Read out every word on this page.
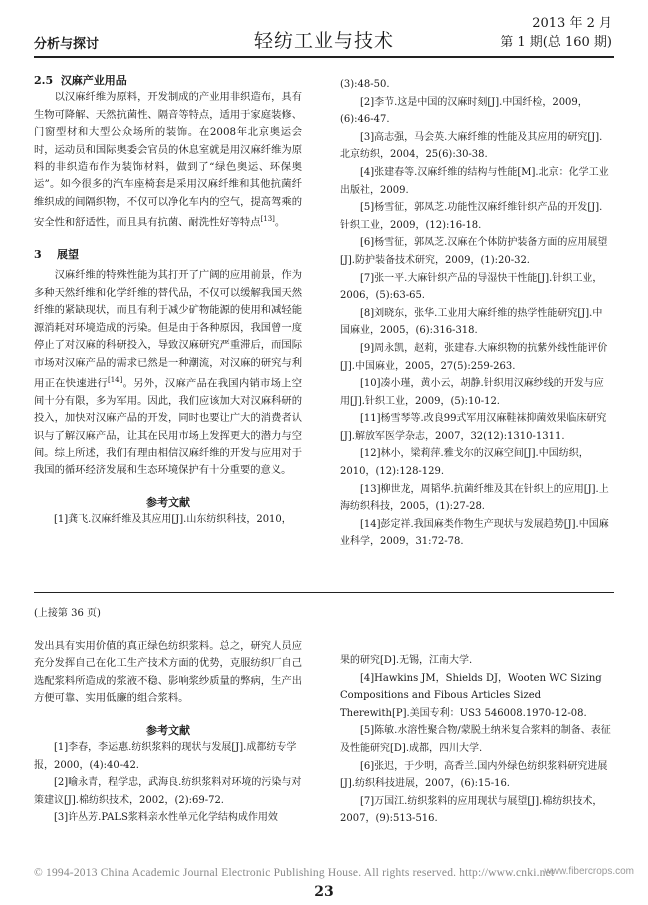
分析与探讨	轻纺工业与技术
2013 年 2 月
第 1 期(总 160 期)

2.5 汉麻产业用品

以汉麻纤维为原料，开发制成的产业用非织造布，具有生物可降解、天然抗菌性、隔音等特点，适用于家庭装修、门窗型材和大型公众场所的装饰。在2008年北京奥运会时，运动员和国际奥委会官员的休息室就是用汉麻纤维为原料的非织造布作为装饰材料，做到了“绿色奥运、环保奥运”。如今很多的汽车座椅套是采用汉麻纤维和其他抗菌纤维织成的间隔织物，不仅可以净化车内的空气，提高驾乘的安全性和舒适性，而且具有抗菌、耐洗性好等特点[13]。

3 展望

汉麻纤维的特殊性能为其打开了广阔的应用前景，作为多种天然纤维和化学纤维的替代品，不仅可以缓解我国天然纤维的紧缺现状，而且有利于减少矿物能源的使用和减轻能源消耗对环境造成的污染。但是由于各种原因，我国曾一度停止了对汉麻的科研投入，导致汉麻研究严重滞后，而国际市场对汉麻产品的需求已然是一种潮流，对汉麻的研究与利用正在快速进行[14]。另外，汉麻产品在我国内销市场上空间十分有限，多为军用。因此，我们应该加大对汉麻科研的投入，加快对汉麻产品的开发，同时也要让广大的消费者认识与了解汉麻产品，让其在民用市场上发挥更大的潜力与空间。综上所述，我们有理由相信汉麻纤维的开发与应用对于我国的循环经济发展和生态环境保护有十分重要的意义。

参考文献

[1]龚飞.汉麻纤维及其应用[J].山东纺织科技，2010，

(3):48-50.

[2]李节.这是中国的汉麻时刻[J].中国纤检，2009，(6):46-47.

[3]高志强，马会英.大麻纤维的性能及其应用的研究[J].北京纺织，2004，25(6):30-38.

[4]张建春等.汉麻纤维的结构与性能[M].北京：化学工业出版社，2009.

[5]杨雪征，郭凤芝.功能性汉麻纤维针织产品的开发[J].针织工业，2009，(12):16-18.

[6]杨雪征，郭凤芝.汉麻在个体防护装备方面的应用展望[J].防护装备技术研究，2009，(1):20-32.

[7]张一平.大麻针织产品的导湿快干性能[J].针织工业，2006，(5):63-65.

[8]刘晓东，张华.工业用大麻纤维的热学性能研究[J].中国麻业，2005，(6):316-318.

[9]周永凯，赵莉，张建春.大麻织物的抗紫外线性能评价[J].中国麻业，2005，27(5):259-263.

[10]凑小瑾，黄小云，胡静.针织用汉麻纱线的开发与应用[J].针织工业，2009，(5):10-12.

[11]杨雪琴等.改良99式军用汉麻鞋袜抑菌效果临床研究[J].解放军医学杂志，2007，32(12):1310-1311.

[12]林小，梁莉萍.雅戈尔的汉麻空间[J].中国纺织，2010，(12):128-129.

[13]柳世龙，周韬华.抗菌纤维及其在针织上的应用[J].上海纺织科技，2005，(1):27-28.

[14]彭定祥.我国麻类作物生产现状与发展趋势[J].中国麻业科学，2009，31:72-78.

(上接第 36 页)

发出具有实用价值的真正绿色纺织浆料。总之，研究人员应充分发挥自己在化工生产技术方面的优势，克服纺织厂自己选配浆料所造成的浆液不稳、影响浆纱质量的弊病，生产出方便可靠、实用低廉的组合浆料。

参考文献

[1]李春，李运惠.纺织浆料的现状与发展[J].成都纺专学报，2000，(4):40-42.

[2]喻永青，程学忠，武海良.纺织浆料对环境的污染与对策建议[J].棉纺织技术，2002，(2):69-72.

[3]许丛芳.PALS浆料亲水性单元化学结构成作用效

果的研究[D].无锡，江南大学.

[4]Hawkins JM，Shields DJ，Wooten WC Sizing Compositions and Fibous Articles Sized Therewith[P].美国专利：US3 546008.1970-12-08.

[5]陈敏.水溶性聚合物/蒙脱土纳米复合浆料的制备、表征及性能研究[D].成都，四川大学.

[6]张迟，于少明，高香兰.国内外绿色纺织浆料研究进展[J].纺织科技进展，2007，(6):15-16.

[7]万国江.纺织浆料的应用现状与展望[J].棉纺织技术，2007，(9):513-516.

© 1994-2013 China Academic Journal Electronic Publishing House. All rights reserved. http://www.cnki.net
www.fibercrops.com
23
